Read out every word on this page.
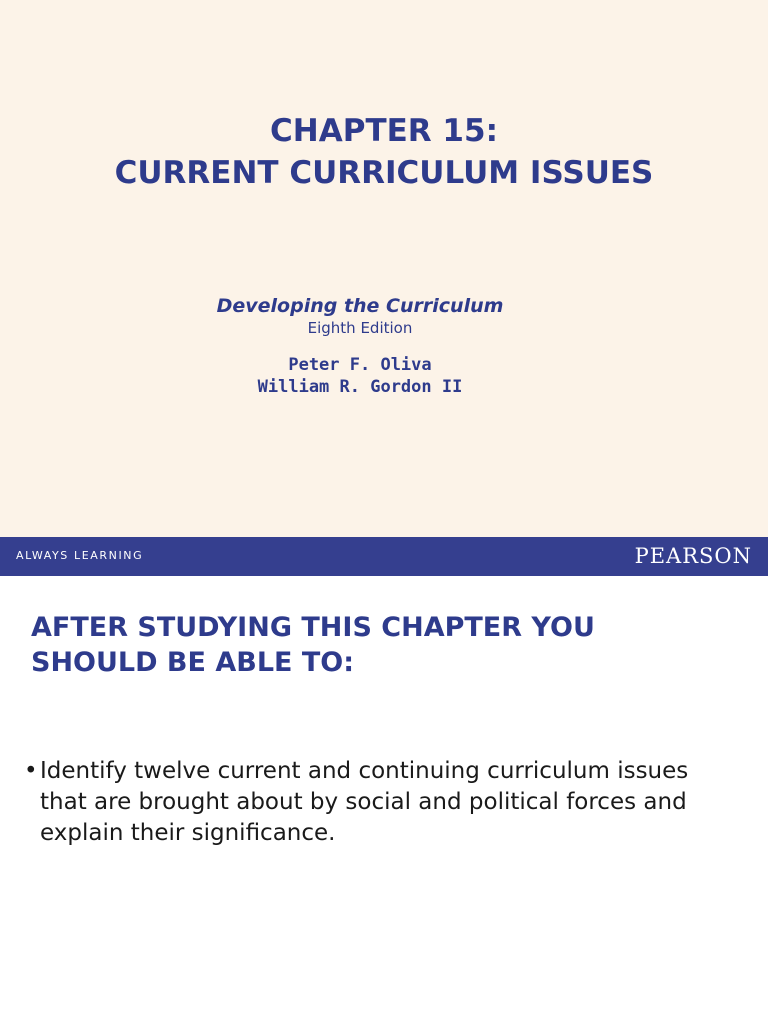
CHAPTER 15:
CURRENT CURRICULUM ISSUES
Developing the Curriculum
Eighth Edition
Peter F. Oliva
William R. Gordon II
ALWAYS LEARNING	PEARSON
AFTER STUDYING THIS CHAPTER YOU
SHOULD BE ABLE TO:
• Identify twelve current and continuing curriculum issues that are brought about by social and political forces and explain their significance.
